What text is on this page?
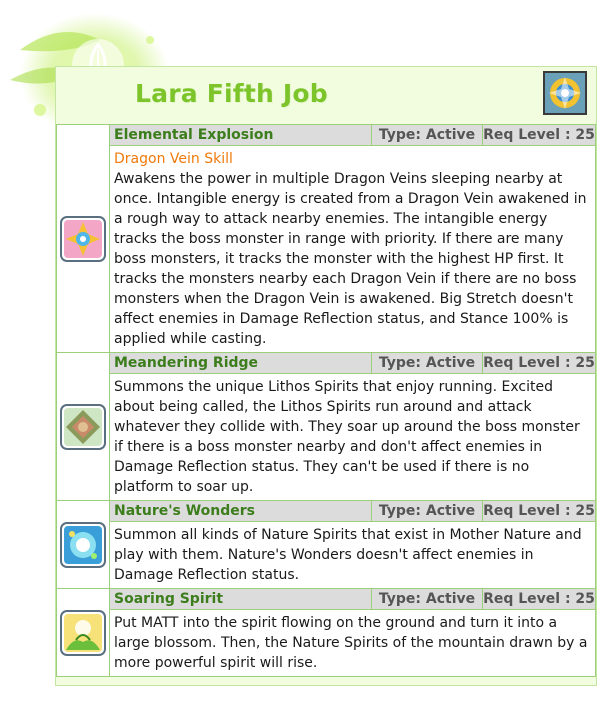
Lara Fifth Job
	Elemental Explosion	Type: Active	Req Level : 25

	Dragon Vein Skill
Awakens the power in multiple Dragon Veins sleeping nearby at once. Intangible energy is created from a Dragon Vein awakened in a rough way to attack nearby enemies. The intangible energy tracks the boss monster in range with priority. If there are many boss monsters, it tracks the monster with the highest HP first. It tracks the monsters nearby each Dragon Vein if there are no boss monsters when the Dragon Vein is awakened. Big Stretch doesn't affect enemies in Damage Reflection status, and Stance 100% is applied while casting.		

	Meandering Ridge	Type: Active	Req Level : 25

	Summons the unique Lithos Spirits that enjoy running. Excited about being called, the Lithos Spirits run around and attack whatever they collide with. They soar up around the boss monster if there is a boss monster nearby and don't affect enemies in Damage Reflection status. They can't be used if there is no platform to soar up.		

	Nature's Wonders	Type: Active	Req Level : 25

	Summon all kinds of Nature Spirits that exist in Mother Nature and play with them. Nature's Wonders doesn't affect enemies in Damage Reflection status.		

	Soaring Spirit	Type: Active	Req Level : 25

	Put MATT into the spirit flowing on the ground and turn it into a large blossom. Then, the Nature Spirits of the mountain drawn by a more powerful spirit will rise.		
